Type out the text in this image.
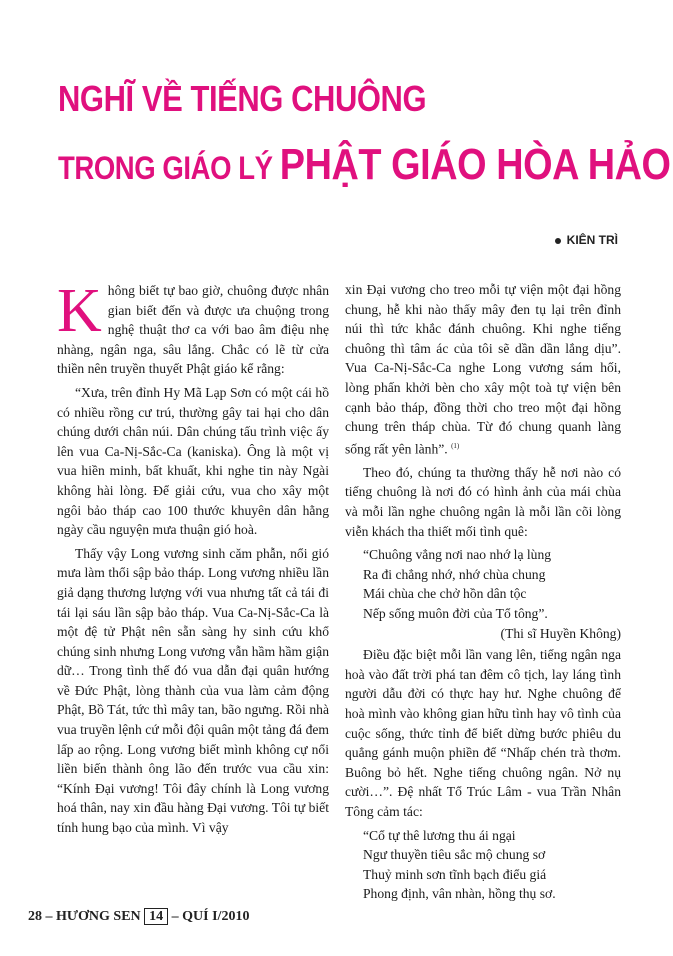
NGHĨ VỀ TIẾNG CHUÔNG
TRONG GIÁO LÝ PHẬT GIÁO HÒA HẢO
KIÊN TRÌ

Không biết tự bao giờ, chuông được nhân gian biết đến và được ưa chuộng trong nghệ thuật thơ ca với bao âm điệu nhẹ nhàng, ngân nga, sâu lắng. Chắc có lẽ từ cửa thiền nên truyền thuyết Phật giáo kể rằng:

“Xưa, trên đỉnh Hy Mã Lạp Sơn có một cái hồ có nhiều rồng cư trú, thường gây tai hại cho dân chúng dưới chân núi. Dân chúng tấu trình việc ấy lên vua Ca-Nị-Sắc-Ca (kaniska). Ông là một vị vua hiền minh, bất khuất, khi nghe tin này Ngài không hài lòng. Để giải cứu, vua cho xây một ngôi bảo tháp cao 100 thước khuyên dân hằng ngày cầu nguyện mưa thuận gió hoà.

Thấy vậy Long vương sinh căm phẫn, nổi gió mưa làm thổi sập bảo tháp. Long vương nhiều lần giả dạng thương lượng với vua nhưng tất cả tái đi tái lại sáu lần sập bảo tháp. Vua Ca-Nị-Sắc-Ca là một đệ tử Phật nên sẵn sàng hy sinh cứu khổ chúng sinh nhưng Long vương vẫn hầm hầm giận dữ… Trong tình thế đó vua dẫn đại quân hướng về Đức Phật, lòng thành của vua làm cảm động Phật, Bồ Tát, tức thì mây tan, bão ngưng. Rồi nhà vua truyền lệnh cứ mỗi đội quân một tảng đá đem lấp ao rộng. Long vương biết mình không cự nổi liền biến thành ông lão đến trước vua cầu xin: “Kính Đại vương! Tôi đây chính là Long vương hoá thân, nay xin đầu hàng Đại vương. Tôi tự biết tính hung bạo của mình. Vì vậy

xin Đại vương cho treo mỗi tự viện một đại hồng chung, hễ khi nào thấy mây đen tụ lại trên đỉnh núi thì tức khắc đánh chuông. Khi nghe tiếng chuông thì tâm ác của tôi sẽ dần dần lắng dịu”. Vua Ca-Nị-Sắc-Ca nghe Long vương sám hối, lòng phấn khởi bèn cho xây một toà tự viện bên cạnh bảo tháp, đồng thời cho treo một đại hồng chung trên tháp chùa. Từ đó chung quanh làng sống rất yên lành”. $^{(1)}$

Theo đó, chúng ta thường thấy hễ nơi nào có tiếng chuông là nơi đó có hình ảnh của mái chùa và mỗi lần nghe chuông ngân là mỗi lần cõi lòng viễn khách tha thiết mối tình quê:

“Chuông vẳng nơi nao nhớ lạ lùng
Ra đi chẳng nhớ, nhớ chùa chung
Mái chùa che chở hồn dân tộc
Nếp sống muôn đời của Tổ tông”.
(Thi sĩ Huyền Không)

Điều đặc biệt mỗi lần vang lên, tiếng ngân nga hoà vào đất trời phá tan đêm cô tịch, lay láng tình người dẫu đời có thực hay hư. Nghe chuông để hoà mình vào không gian hữu tình hay vô tình của cuộc sống, thức tỉnh để biết dừng bước phiêu du quẳng gánh muộn phiền để “Nhấp chén trà thơm. Buông bỏ hết. Nghe tiếng chuông ngân. Nở nụ cười…”. Đệ nhất Tổ Trúc Lâm - vua Trần Nhân Tông cảm tác:

“Cổ tự thê lương thu ái ngại
Ngư thuyền tiêu sắc mộ chung sơ
Thuỷ minh sơn tĩnh bạch điểu giá
Phong định, vân nhàn, hồng thụ sơ.
28 – HƯƠNG SEN 14 – QUÍ I/2010
